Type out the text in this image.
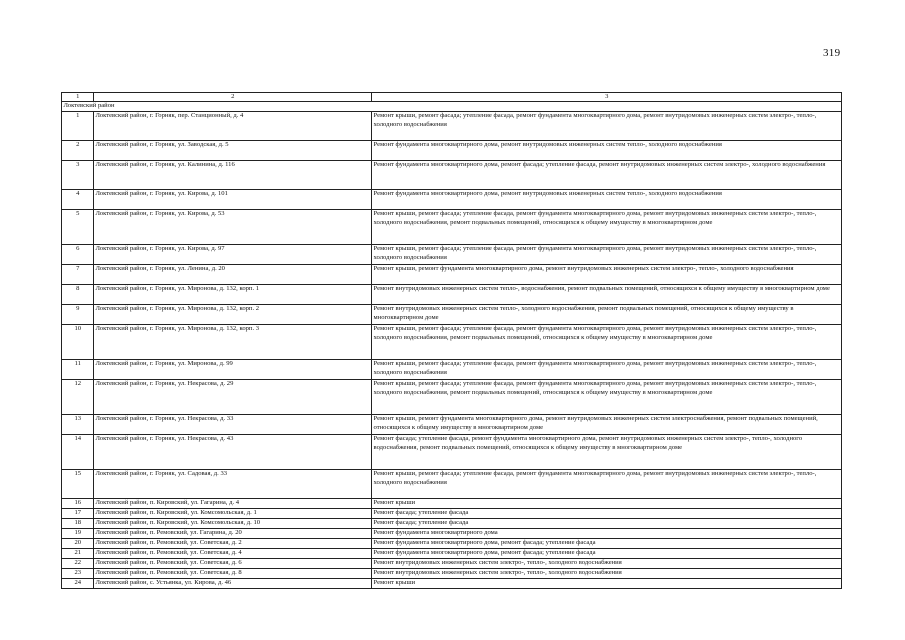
319
1	2	3
Локтевский район		
1	Локтевский район, г. Горняк, пер. Станционный, д. 4	Ремонт крыши, ремонт фасада; утепление фасада, ремонт фундамента многоквартирного дома, ремонт внутридомовых инженерных систем электро-, тепло-, холодного водоснабжения
2	Локтевский район, г. Горняк, ул. Заводская, д. 5	Ремонт фундамента многоквартирного дома, ремонт внутридомовых инженерных систем тепло-, холодного водоснабжения
3	Локтевский район, г. Горняк, ул. Калинина, д. 116	Ремонт фундамента многоквартирного дома, ремонт фасада; утепление фасада, ремонт внутридомовых инженерных систем электро-, холодного водоснабжения
4	Локтевский район, г. Горняк, ул. Кирова, д. 101	Ремонт фундамента многоквартирного дома, ремонт внутридомовых инженерных систем тепло-, холодного водоснабжения
5	Локтевский район, г. Горняк, ул. Кирова, д. 53	Ремонт крыши, ремонт фасада; утепление фасада, ремонт фундамента многоквартирного дома, ремонт внутридомовых инженерных систем электро-, тепло-, холодного водоснабжения, ремонт подвальных помещений, относящихся к общему имуществу в многоквартирном доме
6	Локтевский район, г. Горняк, ул. Кирова, д. 97	Ремонт крыши, ремонт фасада; утепление фасада, ремонт фундамента многоквартирного дома, ремонт внутридомовых инженерных систем электро-, тепло-, холодного водоснабжения
7	Локтевский район, г. Горняк, ул. Ленина, д. 20	Ремонт крыши, ремонт фундамента многоквартирного дома, ремонт внутридомовых инженерных систем электро-, тепло-, холодного водоснабжения
8	Локтевский район, г. Горняк, ул. Миронова, д. 132, корп. 1	Ремонт внутридомовых инженерных систем тепло-, водоснабжения, ремонт подвальных помещений, относящихся к общему имуществу в многоквартирном доме
9	Локтевский район, г. Горняк, ул. Миронова, д. 132, корп. 2	Ремонт внутридомовых инженерных систем тепло-, холодного водоснабжения, ремонт подвальных помещений, относящихся к общему имуществу в многоквартирном доме
10	Локтевский район, г. Горняк, ул. Миронова, д. 132, корп. 3	Ремонт крыши, ремонт фасада; утепление фасада, ремонт фундамента многоквартирного дома, ремонт внутридомовых инженерных систем электро-, тепло-, холодного водоснабжения, ремонт подвальных помещений, относящихся к общему имуществу в многоквартирном доме
11	Локтевский район, г. Горняк, ул. Миронова, д. 99	Ремонт крыши, ремонт фасада; утепление фасада, ремонт фундамента многоквартирного дома, ремонт внутридомовых инженерных систем электро-, тепло-, холодного водоснабжения
12	Локтевский район, г. Горняк, ул. Некрасова, д. 29	Ремонт крыши, ремонт фасада; утепление фасада, ремонт фундамента многоквартирного дома, ремонт внутридомовых инженерных систем электро-, тепло-, холодного водоснабжения, ремонт подвальных помещений, относящихся к общему имуществу в многоквартирном доме
13	Локтевский район, г. Горняк, ул. Некрасова, д. 33	Ремонт крыши, ремонт фундамента многоквартирного дома, ремонт внутридомовых инженерных систем электроснабжения, ремонт подвальных помещений, относящихся к общему имуществу в многоквартирном доме
14	Локтевский район, г. Горняк, ул. Некрасова, д. 43	Ремонт фасада; утепление фасада, ремонт фундамента многоквартирного дома, ремонт внутридомовых инженерных систем электро-, тепло-, холодного водоснабжения, ремонт подвальных помещений, относящихся к общему имуществу в многоквартирном доме
15	Локтевский район, г. Горняк, ул. Садовая, д. 33	Ремонт крыши, ремонт фасада; утепление фасада, ремонт фундамента многоквартирного дома, ремонт внутридомовых инженерных систем электро-, тепло-, холодного водоснабжения
16	Локтевский район, п. Кировский, ул. Гагарина, д. 4	Ремонт крыши
17	Локтевский район, п. Кировский, ул. Комсомольская, д. 1	Ремонт фасада; утепление фасада
18	Локтевский район, п. Кировский, ул. Комсомольская, д. 10	Ремонт фасада; утепление фасада
19	Локтевский район, п. Ремовский, ул. Гагарина, д. 20	Ремонт фундамента многоквартирного дома
20	Локтевский район, п. Ремовский, ул. Советская, д. 2	Ремонт фундамента многоквартирного дома, ремонт фасада; утепление фасада
21	Локтевский район, п. Ремовский, ул. Советская, д. 4	Ремонт фундамента многоквартирного дома, ремонт фасада; утепление фасада
22	Локтевский район, п. Ремовский, ул. Советская, д. 6	Ремонт внутридомовых инженерных систем электро-, тепло-, холодного водоснабжения
23	Локтевский район, п. Ремовский, ул. Советская, д. 8	Ремонт внутридомовых инженерных систем электро-, тепло-, холодного водоснабжения
24	Локтевский район, с. Устьянка, ул. Кирова, д. 46	Ремонт крыши
